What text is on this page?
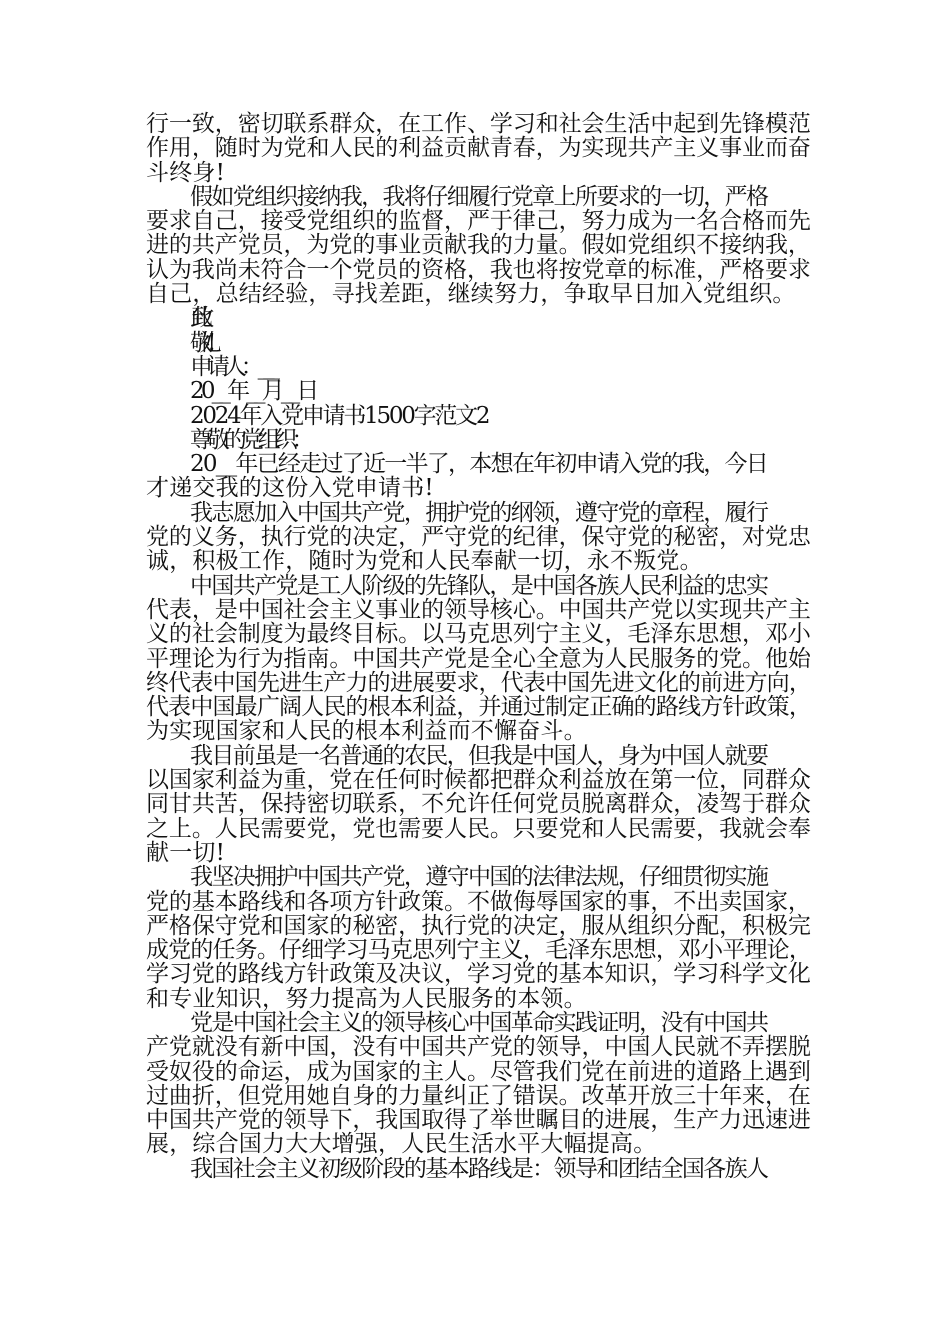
行一致，密切联系群众，在工作、学习和社会生活中起到先锋模范
作用，随时为党和人民的利益贡献青春，为实现共产主义事业而奋
斗终身!
假如党组织接纳我，我将仔细履行党章上所要求的一切，严格
要求自己，接受党组织的监督，严于律己，努力成为一名合格而先
进的共产党员，为党的事业贡献我的力量。假如党组织不接纳我，
认为我尚未符合一个党员的资格，我也将按党章的标准，严格要求
自己，总结经验，寻找差距，继续努力，争取早日加入党组织。
此致
敬礼!
申请人：___
20__年__月__日
2024年入党申请书1500字范文2
尊敬的党组织：
20__年已经走过了近一半了，本想在年初申请入党的我，今日
才递交我的这份入党申请书!
我志愿加入中国共产党，拥护党的纲领，遵守党的章程，履行
党的义务，执行党的决定，严守党的纪律，保守党的秘密，对党忠
诚，积极工作，随时为党和人民奉献一切，永不叛党。
中国共产党是工人阶级的先锋队，是中国各族人民利益的忠实
代表，是中国社会主义事业的领导核心。中国共产党以实现共产主
义的社会制度为最终目标。以马克思列宁主义，毛泽东思想，邓小
平理论为行为指南。中国共产党是全心全意为人民服务的党。他始
终代表中国先进生产力的进展要求，代表中国先进文化的前进方向，
代表中国最广阔人民的根本利益，并通过制定正确的路线方针政策，
为实现国家和人民的根本利益而不懈奋斗。
我目前虽是一名普通的农民，但我是中国人，身为中国人就要
以国家利益为重，党在任何时候都把群众利益放在第一位，同群众
同甘共苦，保持密切联系，不允许任何党员脱离群众，凌驾于群众
之上。人民需要党，党也需要人民。只要党和人民需要，我就会奉
献一切!
我坚决拥护中国共产党，遵守中国的法律法规，仔细贯彻实施
党的基本路线和各项方针政策。不做侮辱国家的事，不出卖国家，
严格保守党和国家的秘密，执行党的决定，服从组织分配，积极完
成党的任务。仔细学习马克思列宁主义，毛泽东思想，邓小平理论，
学习党的路线方针政策及决议，学习党的基本知识，学习科学文化
和专业知识，努力提高为人民服务的本领。
党是中国社会主义的领导核心中国革命实践证明，没有中国共
产党就没有新中国，没有中国共产党的领导，中国人民就不弄摆脱
受奴役的命运，成为国家的主人。尽管我们党在前进的道路上遇到
过曲折，但党用她自身的力量纠正了错误。改革开放三十年来，在
中国共产党的领导下，我国取得了举世瞩目的进展，生产力迅速进
展，综合国力大大增强，人民生活水平大幅提高。
我国社会主义初级阶段的基本路线是：领导和团结全国各族人
